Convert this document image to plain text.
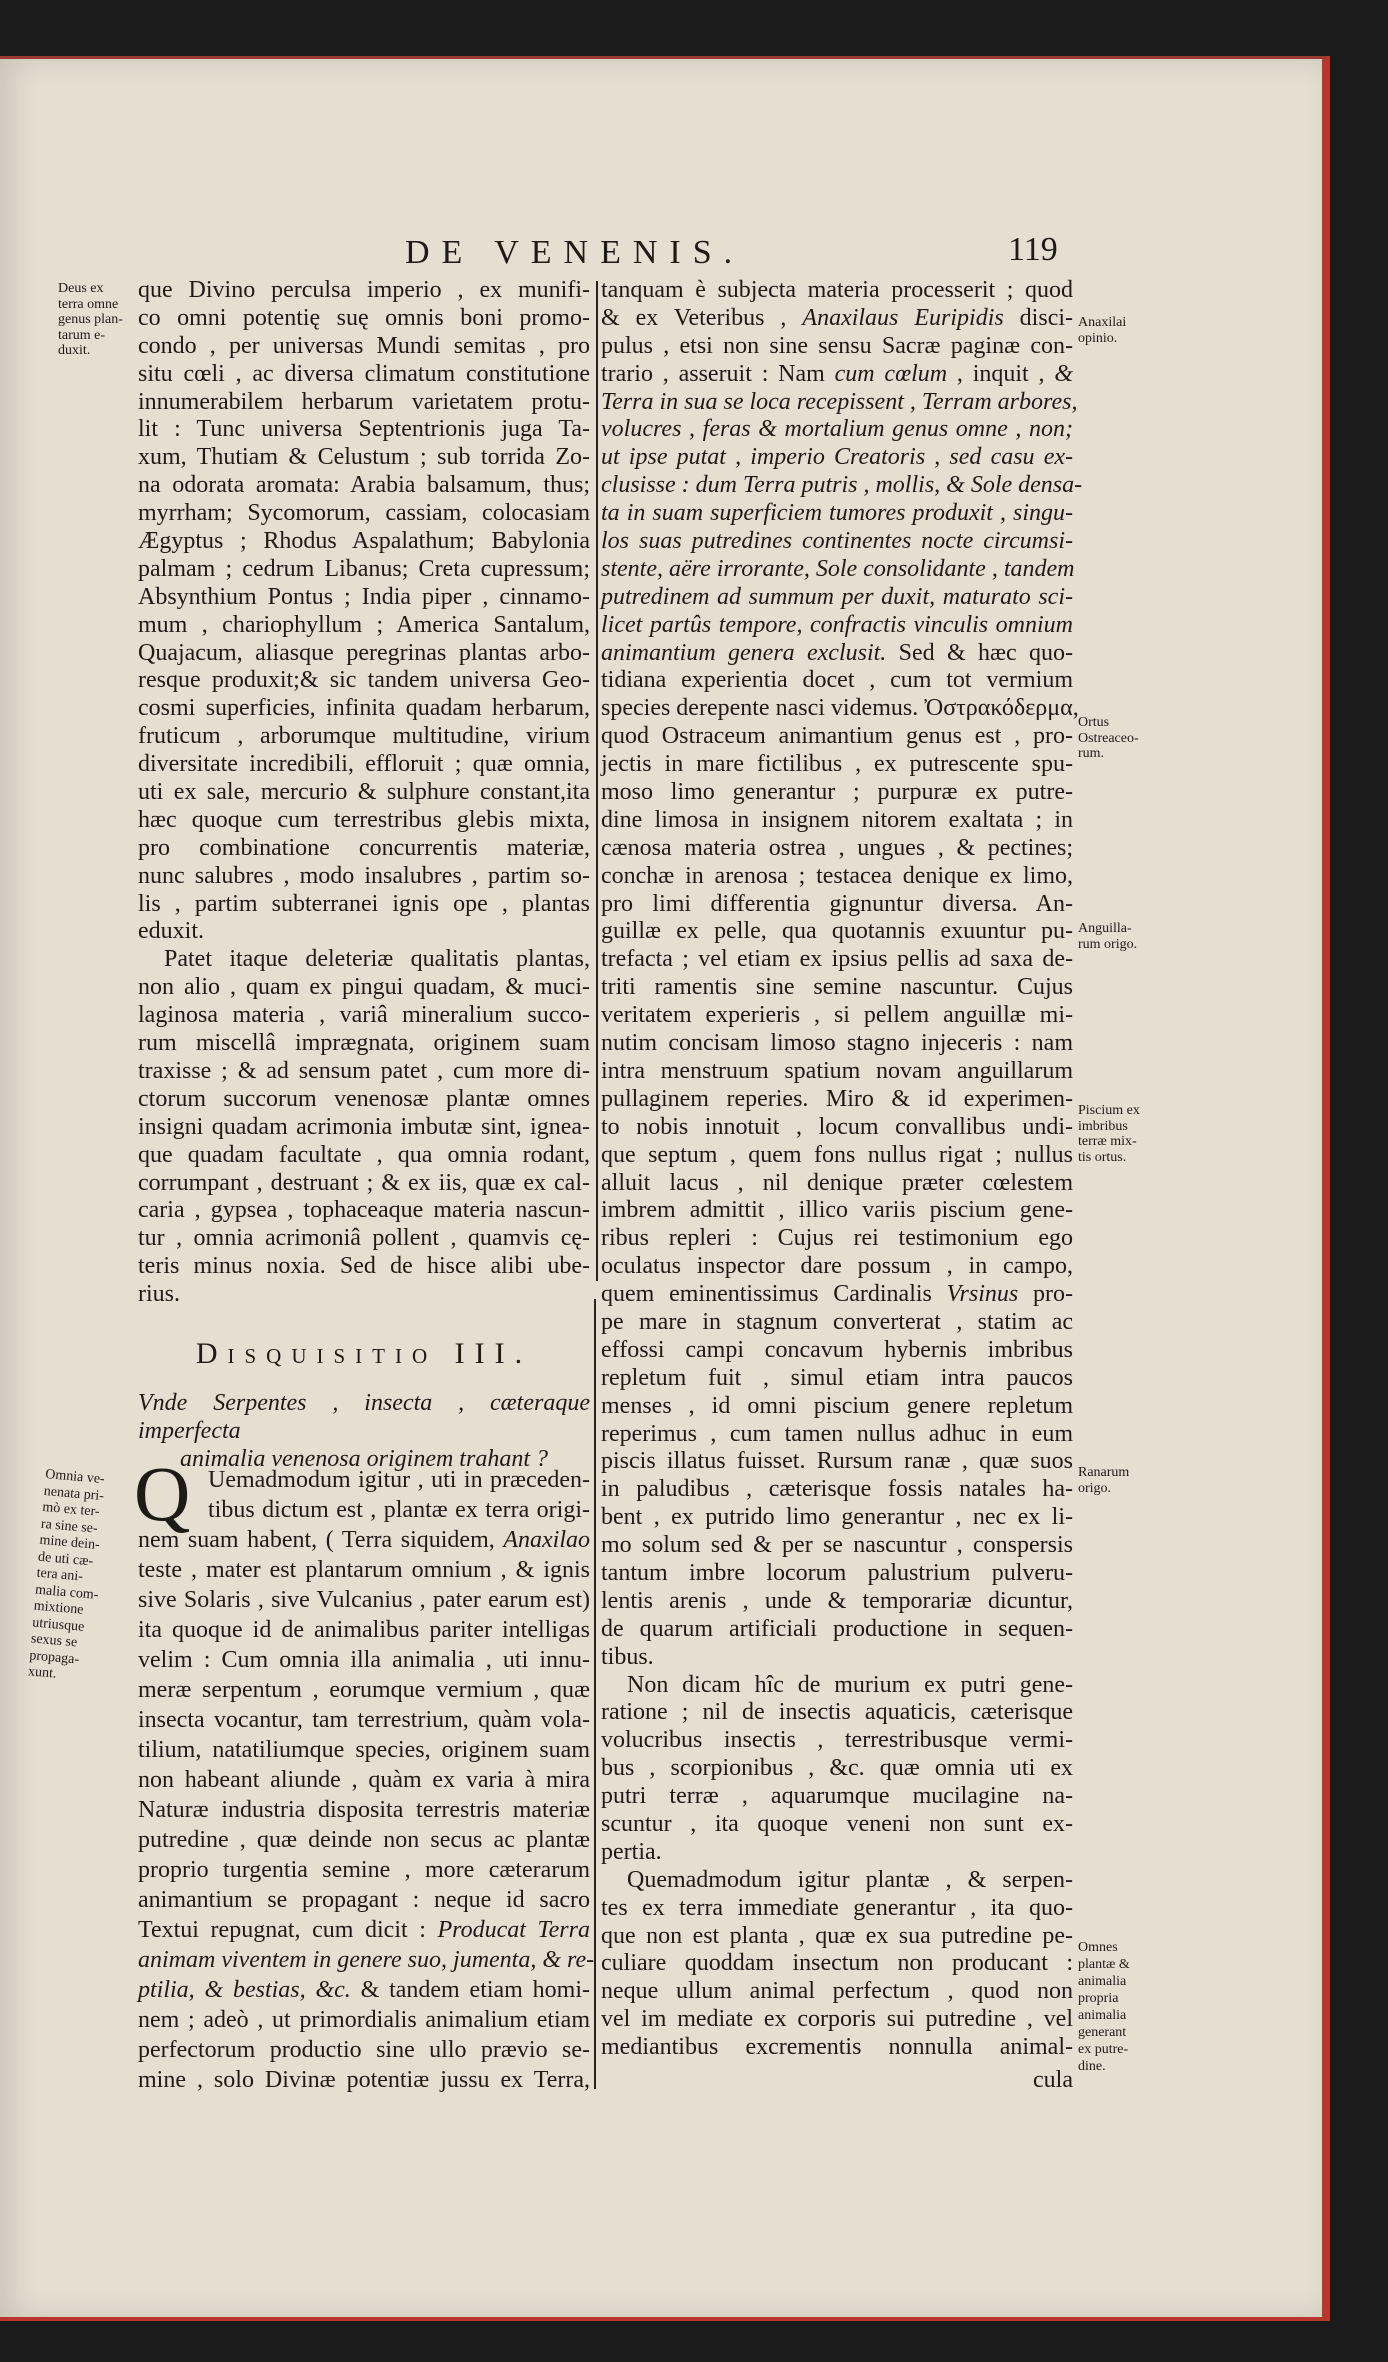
DE VENENIS.	119
que Divino perculsa imperio , ex munifi-
co omni potentię suę omnis boni promo-
condo , per universas Mundi semitas , pro
situ cœli , ac diversa climatum constitutione
innumerabilem herbarum varietatem protu-
lit : Tunc universa Septentrionis juga Ta-
xum, Thutiam & Celustum ; sub torrida Zo-
na odorata aromata: Arabia balsamum, thus;
myrrham; Sycomorum, cassiam, colocasiam
Ægyptus ; Rhodus Aspalathum; Babylonia
palmam ; cedrum Libanus; Creta cupressum;
Absynthium Pontus ; India piper , cinnamo-
mum , chariophyllum ; America Santalum,
Quajacum, aliasque peregrinas plantas arbo-
resque produxit;& sic tandem universa Geo-
cosmi superficies, infinita quadam herbarum,
fruticum , arborumque multitudine, virium
diversitate incredibili, effloruit ; quæ omnia,
uti ex sale, mercurio & sulphure constant,ita
hæc quoque cum terrestribus glebis mixta,
pro combinatione concurrentis materiæ,
nunc salubres , modo insalubres , partim so-
lis , partim subterranei ignis ope , plantas
eduxit.
Patet itaque deleteriæ qualitatis plantas,
non alio , quam ex pingui quadam, & muci-
laginosa materia , variâ mineralium succo-
rum miscellâ imprægnata, originem suam
traxisse ; & ad sensum patet , cum more di-
ctorum succorum venenosæ plantæ omnes
insigni quadam acrimonia imbutæ sint, ignea-
que quadam facultate , qua omnia rodant,
corrumpant , destruant ; & ex iis, quæ ex cal-
caria , gypsea , tophaceaque materia nascun-
tur , omnia acrimoniâ pollent , quamvis cę-
teris minus noxia. Sed de hisce alibi ube-
rius.
Disquisitio III.
Vnde Serpentes , insecta , cæteraque imperfecta
animalia venenosa originem trahant ?
Q Uemadmodum igitur , uti in præceden-
tibus dictum est , plantæ ex terra origi-
nem suam habent, ( Terra siquidem, Anaxilao
teste , mater est plantarum omnium , & ignis
sive Solaris , sive Vulcanius , pater earum est)
ita quoque id de animalibus pariter intelligas
velim : Cum omnia illa animalia , uti innu-
meræ serpentum , eorumque vermium , quæ
insecta vocantur, tam terrestrium, quàm vola-
tilium, natatiliumque species, originem suam
non habeant aliunde , quàm ex varia à mira
Naturæ industria disposita terrestris materiæ
putredine , quæ deinde non secus ac plantæ
proprio turgentia semine , more cæterarum
animantium se propagant : neque id sacro
Textui repugnat, cum dicit : Producat Terra
animam viventem in genere suo, jumenta, & re-
ptilia, & bestias, &c. & tandem etiam homi-
nem ; adeò , ut primordialis animalium etiam
perfectorum productio sine ullo prævio se-
mine , solo Divinæ potentiæ jussu ex Terra,
tanquam è subjecta materia processerit ; quod
& ex Veteribus , Anaxilaus Euripidis disci-
pulus , etsi non sine sensu Sacræ paginæ con-
trario , asseruit : Nam cum cœlum , inquit , &
Terra in sua se loca recepissent , Terram arbores,
volucres , feras & mortalium genus omne , non;
ut ipse putat , imperio Creatoris , sed casu ex-
clusisse : dum Terra putris , mollis, & Sole densa-
ta in suam superficiem tumores produxit , singu-
los suas putredines continentes nocte circumsi-
stente, aëre irrorante, Sole consolidante , tandem
putredinem ad summum per duxit, maturato sci-
licet partûs tempore, confractis vinculis omnium
animantium genera exclusit. Sed & hæc quo-
tidiana experientia docet , cum tot vermium
species derepente nasci videmus. Ὀστρακόδερμα,
quod Ostraceum animantium genus est , pro-
jectis in mare fictilibus , ex putrescente spu-
moso limo generantur ; purpuræ ex putre-
dine limosa in insignem nitorem exaltata ; in
cænosa materia ostrea , ungues , & pectines;
conchæ in arenosa ; testacea denique ex limo,
pro limi differentia gignuntur diversa. An-
guillæ ex pelle, qua quotannis exuuntur pu-
trefacta ; vel etiam ex ipsius pellis ad saxa de-
triti ramentis sine semine nascuntur. Cujus
veritatem experieris , si pellem anguillæ mi-
nutim concisam limoso stagno injeceris : nam
intra menstruum spatium novam anguillarum
pullaginem reperies. Miro & id experimen-
to nobis innotuit , locum convallibus undi-
que septum , quem fons nullus rigat ; nullus
alluit lacus , nil denique præter cœlestem
imbrem admittit , illico variis piscium gene-
ribus repleri : Cujus rei testimonium ego
oculatus inspector dare possum , in campo,
quem eminentissimus Cardinalis Vrsinus pro-
pe mare in stagnum converterat , statim ac
effossi campi concavum hybernis imbribus
repletum fuit , simul etiam intra paucos
menses , id omni piscium genere repletum
reperimus , cum tamen nullus adhuc in eum
piscis illatus fuisset. Rursum ranæ , quæ suos
in paludibus , cæterisque fossis natales ha-
bent , ex putrido limo generantur , nec ex li-
mo solum sed & per se nascuntur , conspersis
tantum imbre locorum palustrium pulveru-
lentis arenis , unde & temporariæ dicuntur,
de quarum artificiali productione in sequen-
tibus.
Non dicam hîc de murium ex putri gene-
ratione ; nil de insectis aquaticis, cæterisque
volucribus insectis , terrestribusque vermi-
bus , scorpionibus , &c. quæ omnia uti ex
putri terræ , aquarumque mucilagine na-
scuntur , ita quoque veneni non sunt ex-
pertia.
Quemadmodum igitur plantæ , & serpen-
tes ex terra immediate generantur , ita quo-
que non est planta , quæ ex sua putredine pe-
culiare quoddam insectum non producant :
neque ullum animal perfectum , quod non
vel im mediate ex corporis sui putredine , vel
mediantibus excrementis nonnulla animal-
cula
Deus ex
terra omne
genus plan-
tarum e-
duxit.
Omnia ve-
nenata pri-
mò ex ter-
ra sine se-
mine dein-
de uti cæ-
tera ani-
malia com-
mixtione
utriusque
sexus se
propaga-
xunt.
Anaxilai
opinio.
Ortus
Ostreaceo-
rum.
Anguilla-
rum origo.
Piscium ex
imbribus
terræ mix-
tis ortus.
Ranarum
origo.
Omnes
plantæ &
animalia
propria
animalia
generant
ex putre-
dine.
